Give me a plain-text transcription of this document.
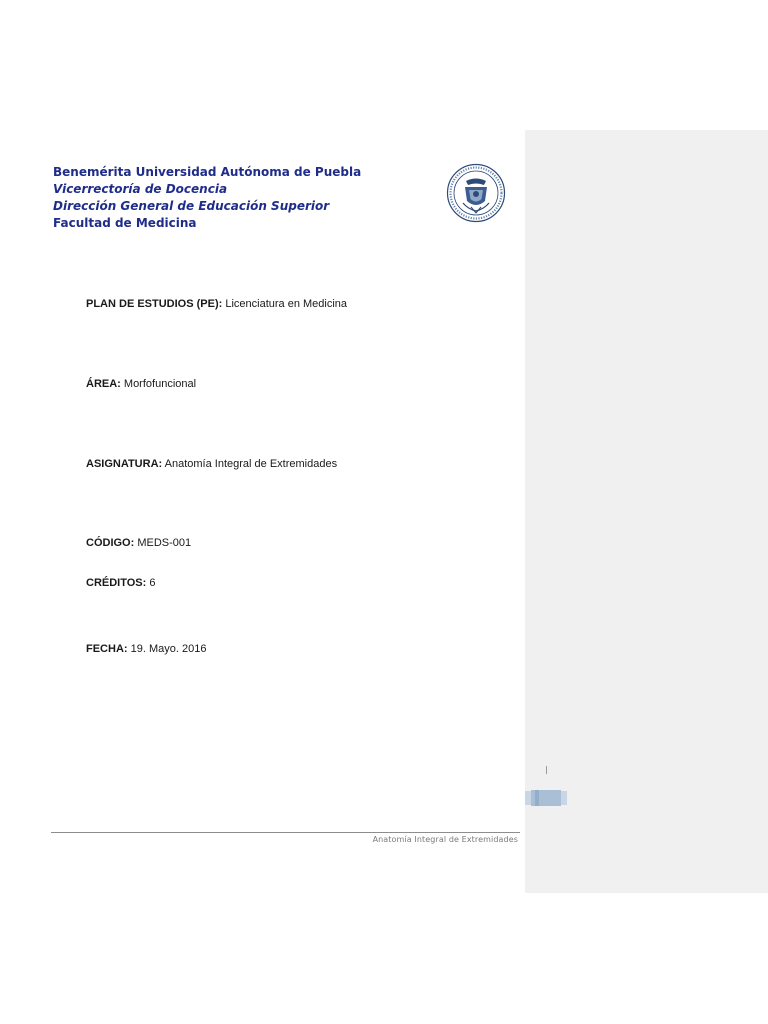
Benemérita Universidad Autónoma de Puebla
Vicerrectoría de Docencia
Dirección General de Educación Superior
Facultad de Medicina
PLAN DE ESTUDIOS (PE): Licenciatura en Medicina
ÁREA: Morfofuncional
ASIGNATURA: Anatomía Integral de Extremidades
CÓDIGO: MEDS-001
CRÉDITOS: 6
FECHA: 19. Mayo. 2016
Anatomía Integral de Extremidades
